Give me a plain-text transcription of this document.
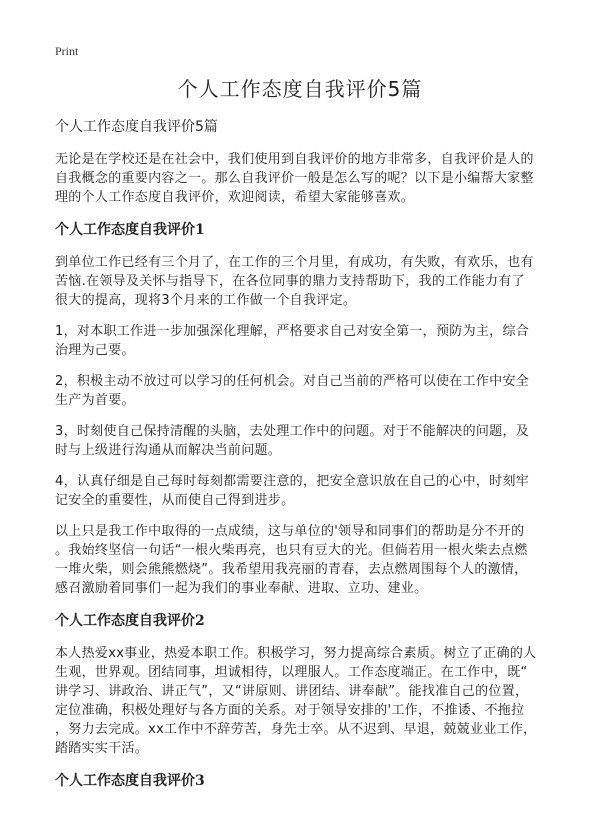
Print
个人工作态度自我评价5篇
个人工作态度自我评价5篇
无论是在学校还是在社会中，我们使用到自我评价的地方非常多，自我评价是人的
自我概念的重要内容之一。那么自我评价一般是怎么写的呢？以下是小编帮大家整
理的个人工作态度自我评价，欢迎阅读，希望大家能够喜欢。
个人工作态度自我评价1
到单位工作已经有三个月了，在工作的三个月里，有成功，有失败，有欢乐，也有
苦恼.在领导及关怀与指导下，在各位同事的鼎力支持帮助下，我的工作能力有了
很大的提高，现将3个月来的工作做一个自我评定。
1，对本职工作进一步加强深化理解，严格要求自己对安全第一，预防为主，综合
治理为己要。
2，积极主动不放过可以学习的任何机会。对自己当前的严格可以使在工作中安全
生产为首要。
3，时刻使自己保持清醒的头脑，去处理工作中的问题。对于不能解决的问题，及
时与上级进行沟通从而解决当前问题。
4，认真仔细是自己每时每刻都需要注意的，把安全意识放在自己的心中，时刻牢
记安全的重要性，从而使自己得到进步。
以上只是我工作中取得的一点成绩，这与单位的'领导和同事们的帮助是分不开的
。我始终坚信一句话“一根火柴再亮，也只有豆大的光。但倘若用一根火柴去点燃
一堆火柴，则会熊熊燃烧”。我希望用我亮丽的青春，去点燃周围每个人的激情，
感召激励着同事们一起为我们的事业奉献、进取、立功、建业。
个人工作态度自我评价2
本人热爱xx事业，热爱本职工作。积极学习，努力提高综合素质。树立了正确的人
生观，世界观。团结同事，坦诚相待，以理服人。工作态度端正。在工作中，既“
讲学习、讲政治、讲正气”，又“讲原则、讲团结、讲奉献”。能找准自己的位置，
定位准确，积极处理好与各方面的关系。对于领导安排的'工作，不推诿、不拖拉
，努力去完成。xx工作中不辞劳苦，身先士卒。从不迟到、早退，兢兢业业工作，
踏踏实实干活。
个人工作态度自我评价3
